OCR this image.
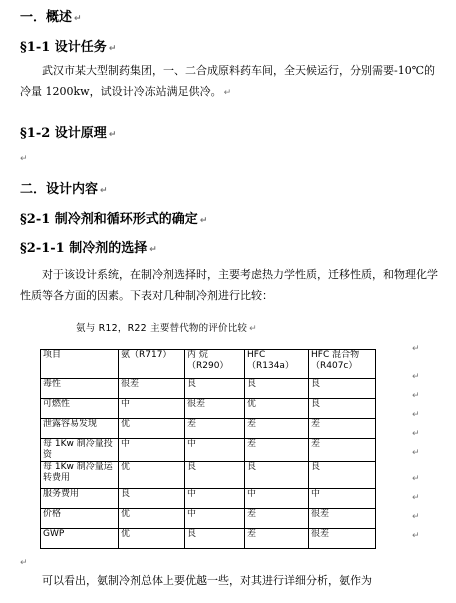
一．概述 ↵
§1-1 设计任务 ↵
武汉市某大型制药集团，一、二合成原料药车间，全天候运行，分别需要-10℃的冷量 1200kw，试设计冷冻站满足供冷。 ↵
§1-2 设计原理 ↵
↵
二．设计内容 ↵
§2-1 制冷剂和循环形式的确定 ↵
§2-1-1 制冷剂的选择 ↵
对于该设计系统，在制冷剂选择时，主要考虑热力学性质，迁移性质，和物理化学性质等各方面的因素。下表对几种制冷剂进行比较：
氨与 R12，R22 主要替代物的评价比较 ↵
项目	氨（R717）	丙 烷（R290）	HFC （R134a）	HFC 混合物（R407c）
毒性	很差	良	良	良
可燃性	中	很差	优	良
泄露容易发现	优	差	差	差
每 1Kw 制冷量投资	中	中	差	差
每 1Kw 制冷量运转费用	优	良	良	良
服务费用	良	中	中	中
价格	优	中	差	很差
GWP	优	良	差	很差
↵
↵
↵
↵
↵
↵
↵
↵
↵
↵
↵
可以看出，氨制冷剂总体上要优越一些，对其进行详细分析，氨作为
